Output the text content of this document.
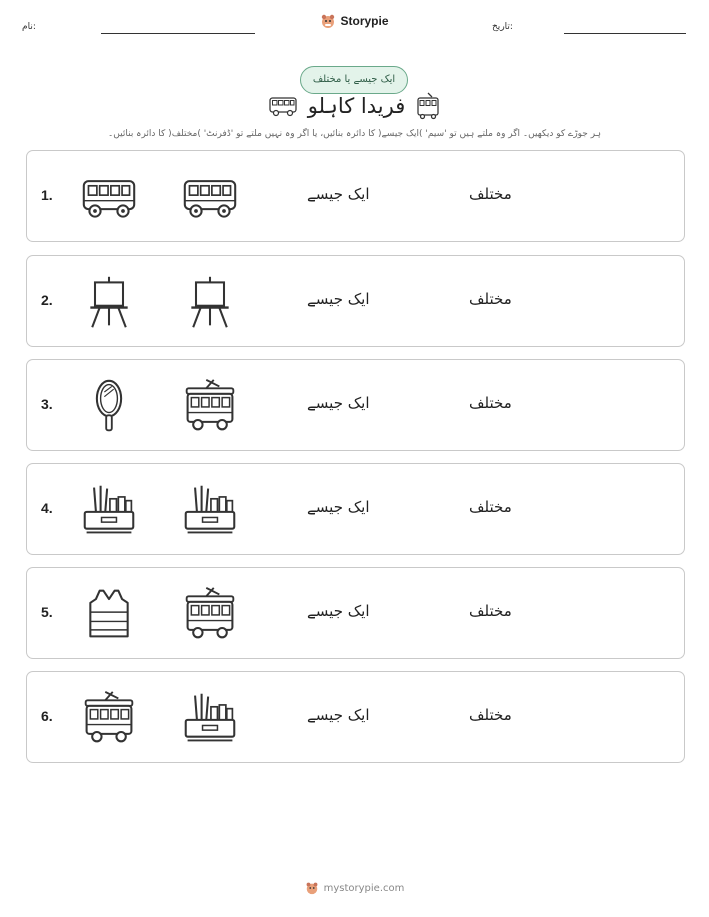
نام:	Storypie	تاریخ:
ایک جیسے یا مختلف
فریدا کاہلو
ہر جوڑے کو دیکھیں۔ اگر وہ ملتے ہیں تو 'سیم' )ایک جیسے( کا دائرہ بنائیں، یا اگر وہ نہیں ملتے تو 'ڈفرنٹ' )مختلف( کا دائرہ بنائیں۔
1.	ایک جیسے	مختلف
2.	ایک جیسے	مختلف
3.	ایک جیسے	مختلف
4.	ایک جیسے	مختلف
5.	ایک جیسے	مختلف
6.	ایک جیسے	مختلف
mystorypie.com
